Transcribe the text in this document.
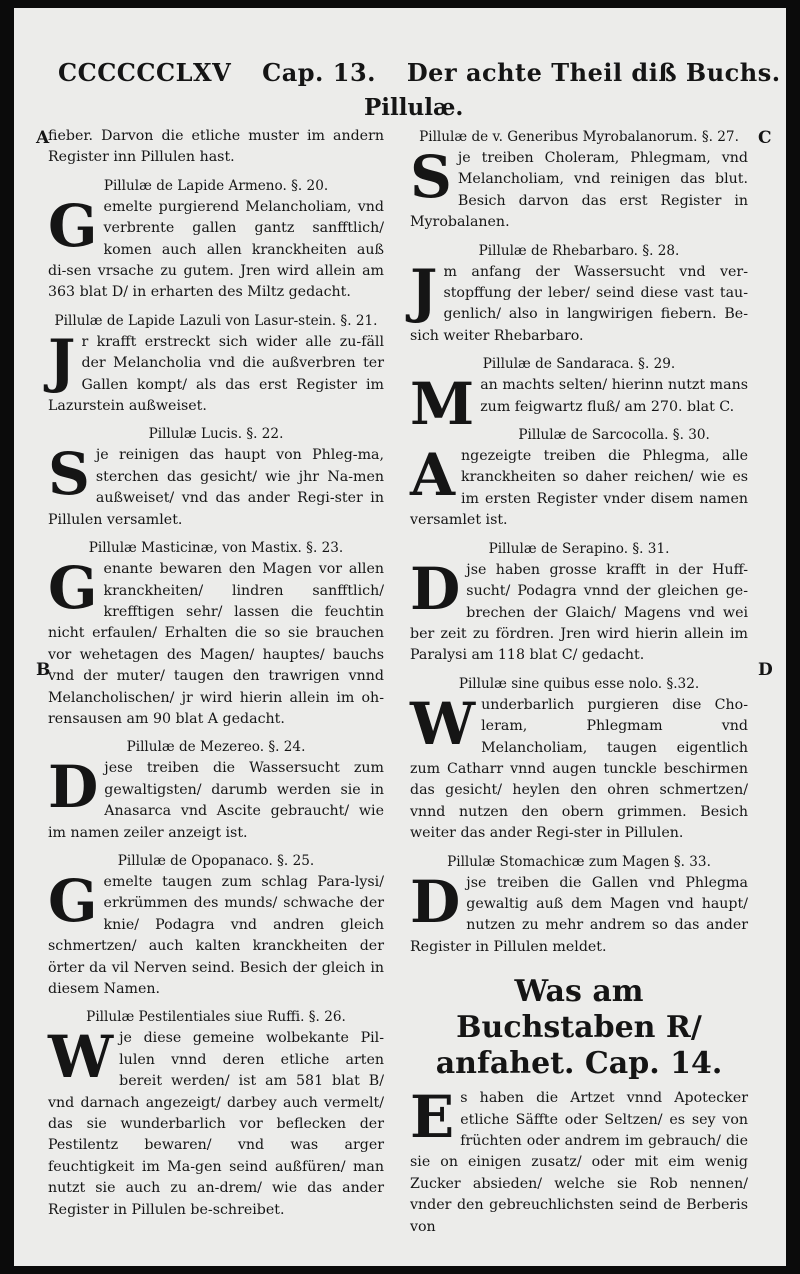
CCCCCCLXV Cap. 13. Der achte Theil diß Buchs.
Pillulæ.
A
B
C
D

fieber. Darvon die etliche muster im andern Register inn Pillulen hast.

Pillulæ de Lapide Armeno. §. 20.

Gemelte purgierend Melancholiam, vnd verbrente gallen gantz sanfftlich/ komen auch allen kranckheiten auß di-sen vrsache zu gutem. Jren wird allein am 363 blat D/ in erharten des Miltz gedacht.

Pillulæ de Lapide Lazuli von Lasur-stein. §. 21.

Jr krafft erstreckt sich wider alle zu-fäll der Melancholia vnd die außverbren ter Gallen kompt/ als das erst Register im Lazurstein außweiset.

Pillulæ Lucis. §. 22.

Sje reinigen das haupt von Phleg-ma, sterchen das gesicht/ wie jhr Na-men außweiset/ vnd das ander Regi-ster in Pillulen versamlet.

Pillulæ Masticinæ, von Mastix. §. 23.

Genante bewaren den Magen vor allen kranckheiten/ lindren sanfftlich/ krefftigen sehr/ lassen die feuchtin nicht erfaulen/ Erhalten die so sie brauchen vor wehetagen des Magen/ hauptes/ bauchs vnd der muter/ taugen den trawrigen vnnd Melancholischen/ jr wird hierin allein im oh-rensausen am 90 blat A gedacht.

Pillulæ de Mezereo. §. 24.

Djese treiben die Wassersucht zum gewaltigsten/ darumb werden sie in Anasarca vnd Ascite gebraucht/ wie im namen zeiler anzeigt ist.

Pillulæ de Opopanaco. §. 25.

Gemelte taugen zum schlag Para-lysi/ erkrümmen des munds/ schwache der knie/ Podagra vnd andren gleich schmertzen/ auch kalten kranckheiten der örter da vil Nerven seind. Besich der gleich in diesem Namen.

Pillulæ Pestilentiales siue Ruffi. §. 26.

Wje diese gemeine wolbekante Pil-lulen vnnd deren etliche arten bereit werden/ ist am 581 blat B/ vnd darnach angezeigt/ darbey auch vermelt/ das sie wunderbarlich vor beflecken der Pestilentz bewaren/ vnd was arger feuchtigkeit im Ma-gen seind außfüren/ man nutzt sie auch zu an-drem/ wie das ander Register in Pillulen be-schreibet.

Pillulæ de v. Generibus Myrobalanorum. §. 27.

Sje treiben Choleram, Phlegmam, vnd Melancholiam, vnd reinigen das blut. Besich darvon das erst Register in Myrobalanen.

Pillulæ de Rhebarbaro. §. 28.

Jm anfang der Wassersucht vnd ver-stopffung der leber/ seind diese vast tau-genlich/ also in langwirigen fiebern. Be-sich weiter Rhebarbaro.

Pillulæ de Sandaraca. §. 29.

Man machts selten/ hierinn nutzt mans zum feigwartz fluß/ am 270. blat C.

Pillulæ de Sarcocolla. §. 30.

Angezeigte treiben die Phlegma, alle kranckheiten so daher reichen/ wie es im ersten Register vnder disem namen versamlet ist.

Pillulæ de Serapino. §. 31.

Djse haben grosse krafft in der Huff-sucht/ Podagra vnnd der gleichen ge-brechen der Glaich/ Magens vnd wei ber zeit zu fördren. Jren wird hierin allein im Paralysi am 118 blat C/ gedacht.

Pillulæ sine quibus esse nolo. §.32.

Wunderbarlich purgieren dise Cho-leram, Phlegmam vnd Melancholiam, taugen eigentlich zum Catharr vnnd augen tunckle beschirmen das gesicht/ heylen den ohren schmertzen/ vnnd nutzen den obern grimmen. Besich weiter das ander Regi-ster in Pillulen.

Pillulæ Stomachicæ zum Magen §. 33.

Djse treiben die Gallen vnd Phlegma gewaltig auß dem Magen vnd haupt/ nutzen zu mehr andrem so das ander Register in Pillulen meldet.

Was am Buchstaben R/ anfahet. Cap. 14.

Es haben die Artzet vnnd Apotecker etliche Säffte oder Seltzen/ es sey von früchten oder andrem im gebrauch/ die sie on einigen zusatz/ oder mit eim wenig Zucker absieden/ welche sie Rob nennen/ vnder den gebreuchlichsten seind de Berberis von
